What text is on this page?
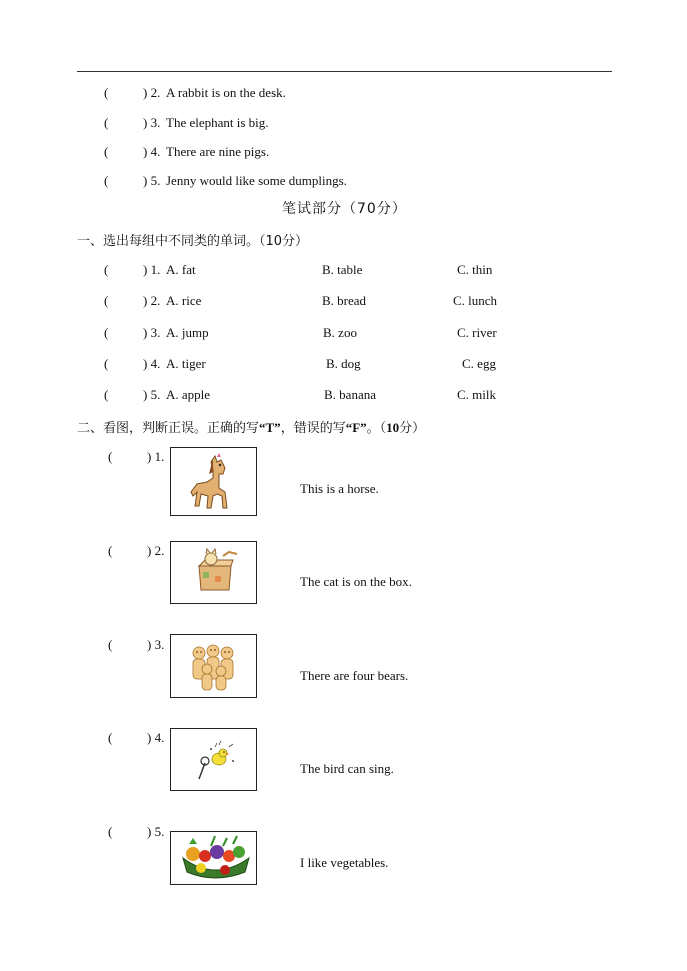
(	) 2. A rabbit is on the desk.
(	) 3. The elephant is big.
(	) 4. There are nine pigs.
(	) 5. Jenny would like some dumplings.
笔试部分（70分）
一、选出每组中不同类的单词。（10分）
(	) 1. A. fat	B. table	C. thin
(	) 2. A. rice	B. bread	C. lunch
(	) 3. A. jump	B. zoo	C. river
(	) 4. A. tiger	B. dog	C. egg
(	) 5. A. apple	B. banana	C. milk
二、看图，判断正误。正确的写“T”，错误的写“F”。（10分）
(	) 1.
This is a horse.
(	) 2.
The cat is on the box.
(	) 3.
There are four bears.
(	) 4.
The bird can sing.
(	) 5.
I like vegetables.
